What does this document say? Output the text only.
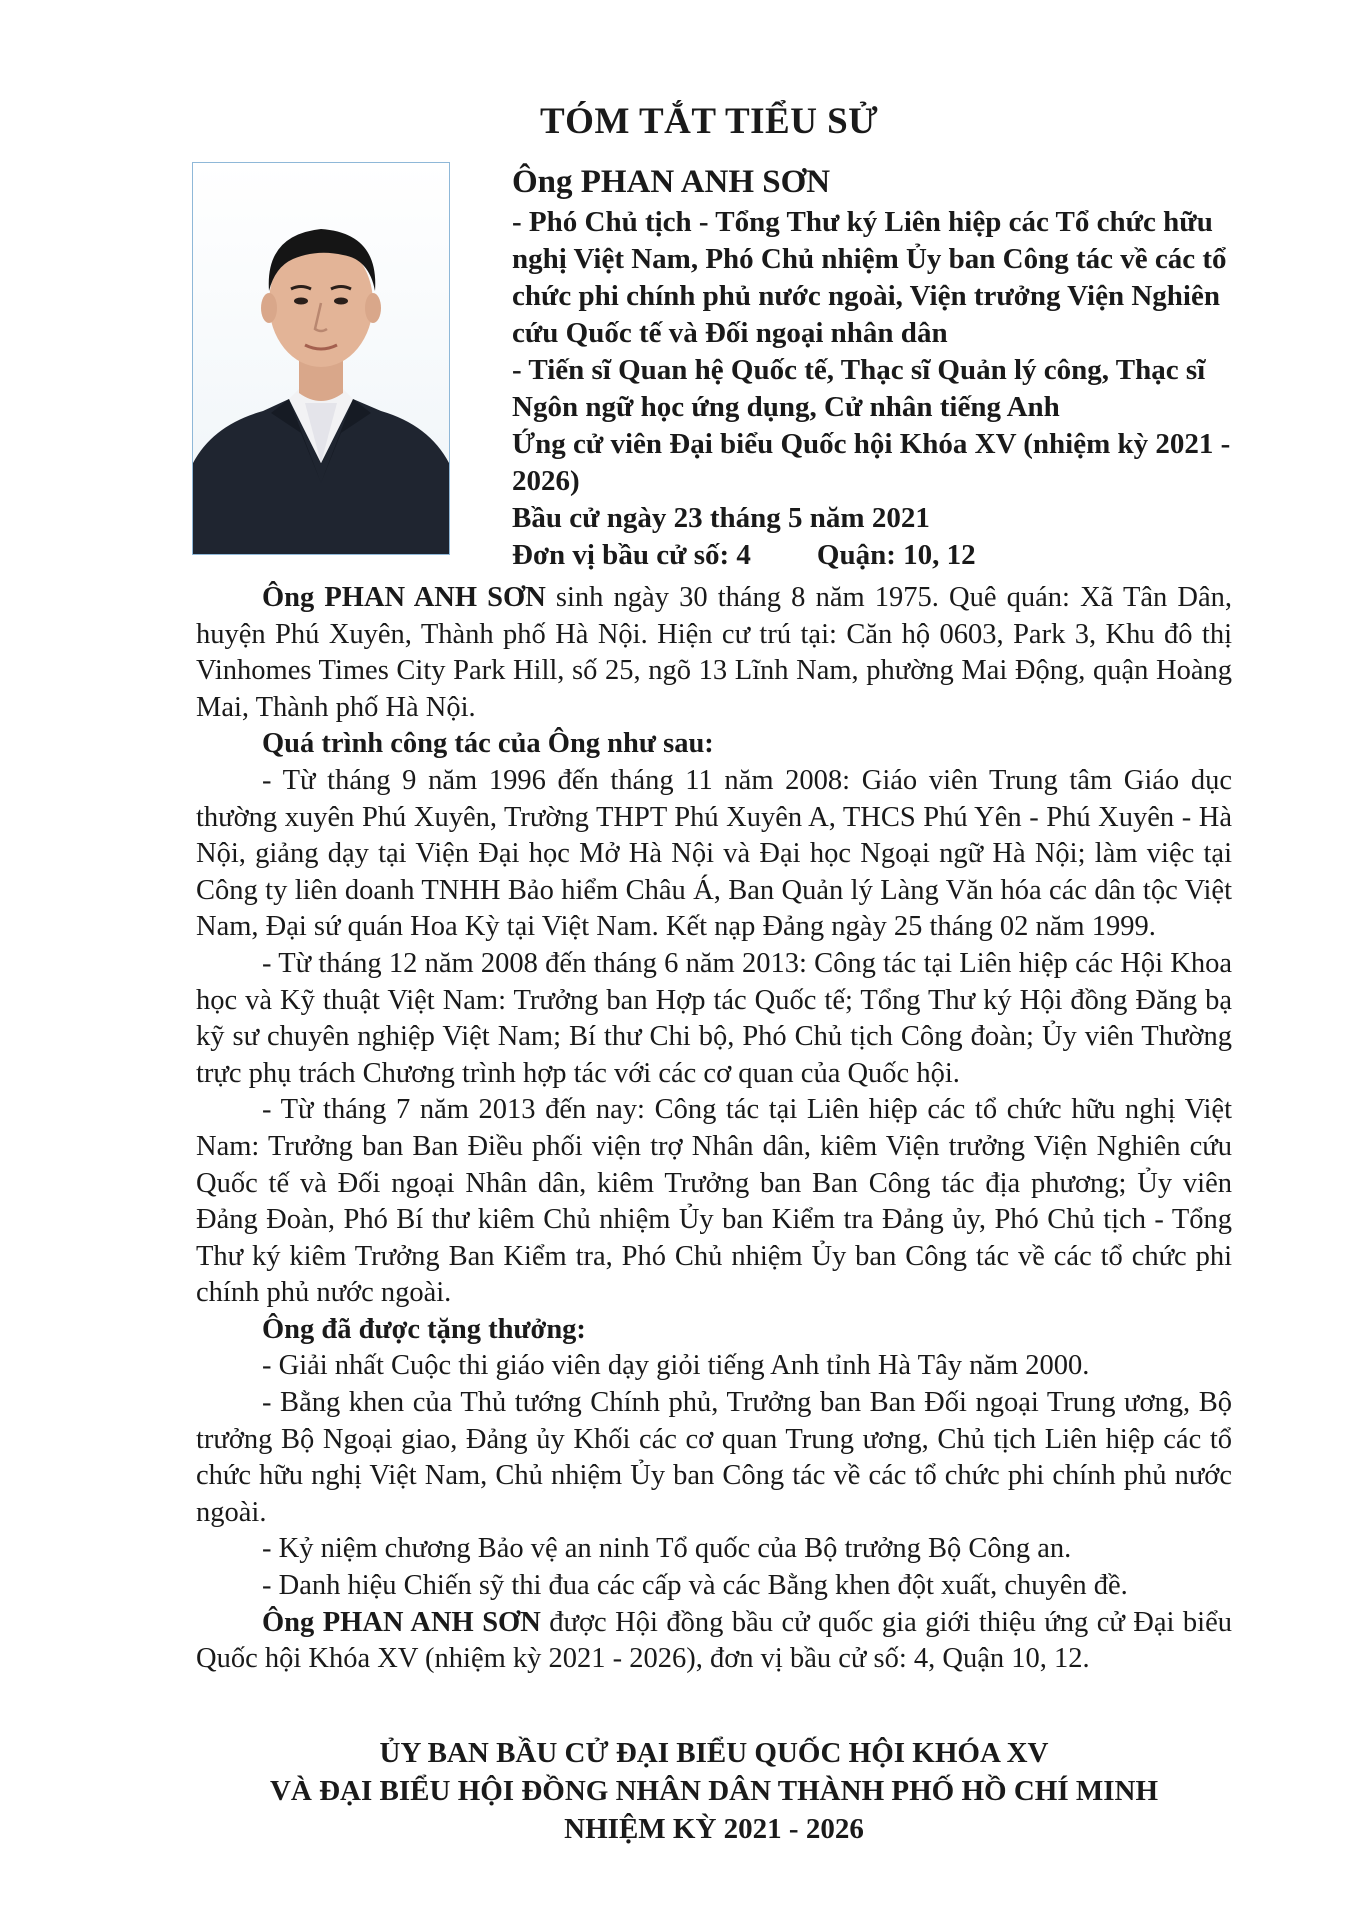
TÓM TẮT TIỂU SỬ
Ông PHAN ANH SƠN
- Phó Chủ tịch - Tổng Thư ký Liên hiệp các Tổ chức hữu nghị Việt Nam, Phó Chủ nhiệm Ủy ban Công tác về các tổ chức phi chính phủ nước ngoài, Viện trưởng Viện Nghiên cứu Quốc tế và Đối ngoại nhân dân
- Tiến sĩ Quan hệ Quốc tế, Thạc sĩ Quản lý công, Thạc sĩ Ngôn ngữ học ứng dụng, Cử nhân tiếng Anh
Ứng cử viên Đại biểu Quốc hội Khóa XV (nhiệm kỳ 2021 - 2026)
Bầu cử ngày 23 tháng 5 năm 2021
Đơn vị bầu cử số: 4 Quận: 10, 12

Ông PHAN ANH SƠN sinh ngày 30 tháng 8 năm 1975. Quê quán: Xã Tân Dân, huyện Phú Xuyên, Thành phố Hà Nội. Hiện cư trú tại: Căn hộ 0603, Park 3, Khu đô thị Vinhomes Times City Park Hill, số 25, ngõ 13 Lĩnh Nam, phường Mai Động, quận Hoàng Mai, Thành phố Hà Nội.

Quá trình công tác của Ông như sau:

- Từ tháng 9 năm 1996 đến tháng 11 năm 2008: Giáo viên Trung tâm Giáo dục thường xuyên Phú Xuyên, Trường THPT Phú Xuyên A, THCS Phú Yên - Phú Xuyên - Hà Nội, giảng dạy tại Viện Đại học Mở Hà Nội và Đại học Ngoại ngữ Hà Nội; làm việc tại Công ty liên doanh TNHH Bảo hiểm Châu Á, Ban Quản lý Làng Văn hóa các dân tộc Việt Nam, Đại sứ quán Hoa Kỳ tại Việt Nam. Kết nạp Đảng ngày 25 tháng 02 năm 1999.

- Từ tháng 12 năm 2008 đến tháng 6 năm 2013: Công tác tại Liên hiệp các Hội Khoa học và Kỹ thuật Việt Nam: Trưởng ban Hợp tác Quốc tế; Tổng Thư ký Hội đồng Đăng bạ kỹ sư chuyên nghiệp Việt Nam; Bí thư Chi bộ, Phó Chủ tịch Công đoàn; Ủy viên Thường trực phụ trách Chương trình hợp tác với các cơ quan của Quốc hội.

- Từ tháng 7 năm 2013 đến nay: Công tác tại Liên hiệp các tổ chức hữu nghị Việt Nam: Trưởng ban Ban Điều phối viện trợ Nhân dân, kiêm Viện trưởng Viện Nghiên cứu Quốc tế và Đối ngoại Nhân dân, kiêm Trưởng ban Ban Công tác địa phương; Ủy viên Đảng Đoàn, Phó Bí thư kiêm Chủ nhiệm Ủy ban Kiểm tra Đảng ủy, Phó Chủ tịch - Tổng Thư ký kiêm Trưởng Ban Kiểm tra, Phó Chủ nhiệm Ủy ban Công tác về các tổ chức phi chính phủ nước ngoài.

Ông đã được tặng thưởng:

- Giải nhất Cuộc thi giáo viên dạy giỏi tiếng Anh tỉnh Hà Tây năm 2000.

- Bằng khen của Thủ tướng Chính phủ, Trưởng ban Ban Đối ngoại Trung ương, Bộ trưởng Bộ Ngoại giao, Đảng ủy Khối các cơ quan Trung ương, Chủ tịch Liên hiệp các tổ chức hữu nghị Việt Nam, Chủ nhiệm Ủy ban Công tác về các tổ chức phi chính phủ nước ngoài.

- Kỷ niệm chương Bảo vệ an ninh Tổ quốc của Bộ trưởng Bộ Công an.

- Danh hiệu Chiến sỹ thi đua các cấp và các Bằng khen đột xuất, chuyên đề.

Ông PHAN ANH SƠN được Hội đồng bầu cử quốc gia giới thiệu ứng cử Đại biểu Quốc hội Khóa XV (nhiệm kỳ 2021 - 2026), đơn vị bầu cử số: 4, Quận 10, 12.

ỦY BAN BẦU CỬ ĐẠI BIỂU QUỐC HỘI KHÓA XV
VÀ ĐẠI BIỂU HỘI ĐỒNG NHÂN DÂN THÀNH PHỐ HỒ CHÍ MINH
NHIỆM KỲ 2021 - 2026
